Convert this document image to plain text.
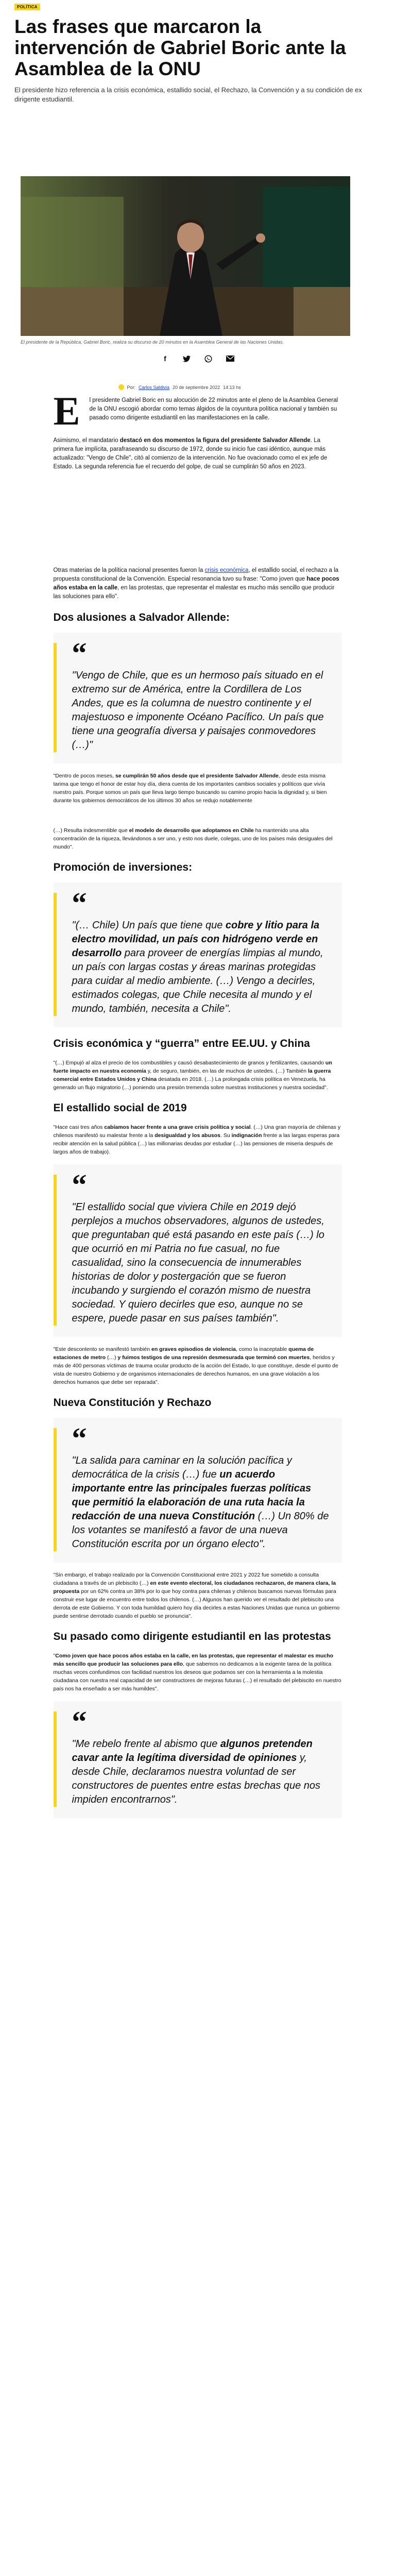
POLÍTICA
Las frases que marcaron la intervención de Gabriel Boric ante la Asamblea de la ONU

El presidente hizo referencia a la crisis económica, estallido social, el Rechazo, la Convención y a su condición de ex dirigente estudiantil.

El presidente de la República, Gabriel Boric, realiza su discurso de 20 minutos en la Asamblea General de las Naciones Unidas.

f
Por: Carlos Saldivia 20 de septiembre 2022 14:13 hs
E	l presidente Gabriel Boric en su alocución de 22 minutos ante el pleno de la Asamblea General de la ONU escogió abordar como temas álgidos de la coyuntura política nacional y también su pasado como dirigente estudiantil en las manifestaciones en la calle.

Asimismo, el mandatario destacó en dos momentos la figura del presidente Salvador Allende. La primera fue implícita, parafraseando su discurso de 1972, donde su inicio fue casi idéntico, aunque más actualizado: "Vengo de Chile", citó al comienzo de la intervención. No fue ovacionado como el ex jefe de Estado. La segunda referencia fue el recuerdo del golpe, de cual se cumplirán 50 años en 2023.

Otras materias de la política nacional presentes fueron la crisis económica, el estallido social, el rechazo a la propuesta constitucional de la Convención. Especial resonancia tuvo su frase: "Como joven que hace pocos años estaba en la calle, en las protestas, que representar el malestar es mucho más sencillo que producir las soluciones para ello".

Dos alusiones a Salvador Allende:
“

"Vengo de Chile, que es un hermoso país situado en el extremo sur de América, entre la Cordillera de Los Andes, que es la columna de nuestro continente y el majestuoso e imponente Océano Pacífico. Un país que tiene una geografía diversa y paisajes conmovedores (…)"

"Dentro de pocos meses, se cumplirán 50 años desde que el presidente Salvador Allende, desde esta misma tarima que tengo el honor de estar hoy día, diera cuenta de los importantes cambios sociales y políticos que vivía nuestro país. Porque somos un país que lleva largo tiempo buscando su camino propio hacia la dignidad y, si bien durante los gobiernos democráticos de los últimos 30 años se redujo notablemente

(…) Resulta indesmentible que el modelo de desarrollo que adoptamos en Chile ha mantenido una alta concentración de la riqueza, llevándonos a ser uno, y esto nos duele, colegas, uno de los países más desiguales del mundo".

Promoción de inversiones:
“

"(… Chile) Un país que tiene que cobre y litio para la electro movilidad, un país con hidrógeno verde en desarrollo para proveer de energías limpias al mundo, un país con largas costas y áreas marinas protegidas para cuidar al medio ambiente. (…) Vengo a decirles, estimados colegas, que Chile necesita al mundo y el mundo, también, necesita a Chile".

Crisis económica y “guerra” entre EE.UU. y China

"(…) Empujó al alza el precio de los combustibles y causó desabastecimiento de granos y fertilizantes, causando un fuerte impacto en nuestra economía y, de seguro, también, en las de muchos de ustedes. (…) También la guerra comercial entre Estados Unidos y China desatada en 2018. (…) La prolongada crisis política en Venezuela, ha generado un flujo migratorio (…) poniendo una presión tremenda sobre nuestras instituciones y nuestra sociedad".

El estallido social de 2019

"Hace casi tres años cabíamos hacer frente a una grave crisis política y social. (…) Una gran mayoría de chilenas y chilenos manifestó su malestar frente a la desigualdad y los abusos. Su indignación frente a las largas esperas para recibir atención en la salud pública (…) las millonarias deudas por estudiar (…) las pensiones de miseria después de largos años de trabajo).

“

"El estallido social que viviera Chile en 2019 dejó perplejos a muchos observadores, algunos de ustedes, que preguntaban qué está pasando en este país (…) lo que ocurrió en mi Patria no fue casual, no fue casualidad, sino la consecuencia de innumerables historias de dolor y postergación que se fueron incubando y surgiendo el corazón mismo de nuestra sociedad. Y quiero decirles que eso, aunque no se espere, puede pasar en sus países también".

"Este descontento se manifestó también en graves episodios de violencia, como la inaceptable quema de estaciones de metro (…) y fuimos testigos de una represión desmesurada que terminó con muertes, heridos y más de 400 personas víctimas de trauma ocular producto de la acción del Estado, lo que constituye, desde el punto de vista de nuestro Gobierno y de organismos internacionales de derechos humanos, en una grave violación a los derechos humanos que debe ser reparada".

Nueva Constitución y Rechazo
“

"La salida para caminar en la solución pacífica y democrática de la crisis (…) fue un acuerdo importante entre las principales fuerzas políticas que permitió la elaboración de una ruta hacia la redacción de una nueva Constitución (…) Un 80% de los votantes se manifestó a favor de una nueva Constitución escrita por un órgano electo".

"Sin embargo, el trabajo realizado por la Convención Constitucional entre 2021 y 2022 fue sometido a consulta ciudadana a través de un plebiscito (…) en este evento electoral, los ciudadanos rechazaron, de manera clara, la propuesta por un 62% contra un 38% por lo que hoy contra para chilenas y chilenos buscamos nuevas fórmulas para construir ese lugar de encuentro entre todos los chilenos. (…) Algunos han querido ver el resultado del plebiscito una derrota de este Gobierno. Y con toda humildad quiero hoy día decirles a estas Naciones Unidas que nunca un gobierno puede sentirse derrotado cuando el pueblo se pronuncia".

Su pasado como dirigente estudiantil en las protestas

"Como joven que hace pocos años estaba en la calle, en las protestas, que representar el malestar es mucho más sencillo que producir las soluciones para ello, que sabemos no dedicamos a la exigente tarea de la política muchas veces confundimos con facilidad nuestros los deseos que podamos ser con la herramienta a la molestia ciudadana con nuestra real capacidad de ser constructores de mejoras futuras (…) el resultado del plebiscito en nuestro país nos ha enseñado a ser más humildes".

“

"Me rebelo frente al abismo que algunos pretenden cavar ante la legítima diversidad de opiniones y, desde Chile, declaramos nuestra voluntad de ser constructores de puentes entre estas brechas que nos impiden encontrarnos".
